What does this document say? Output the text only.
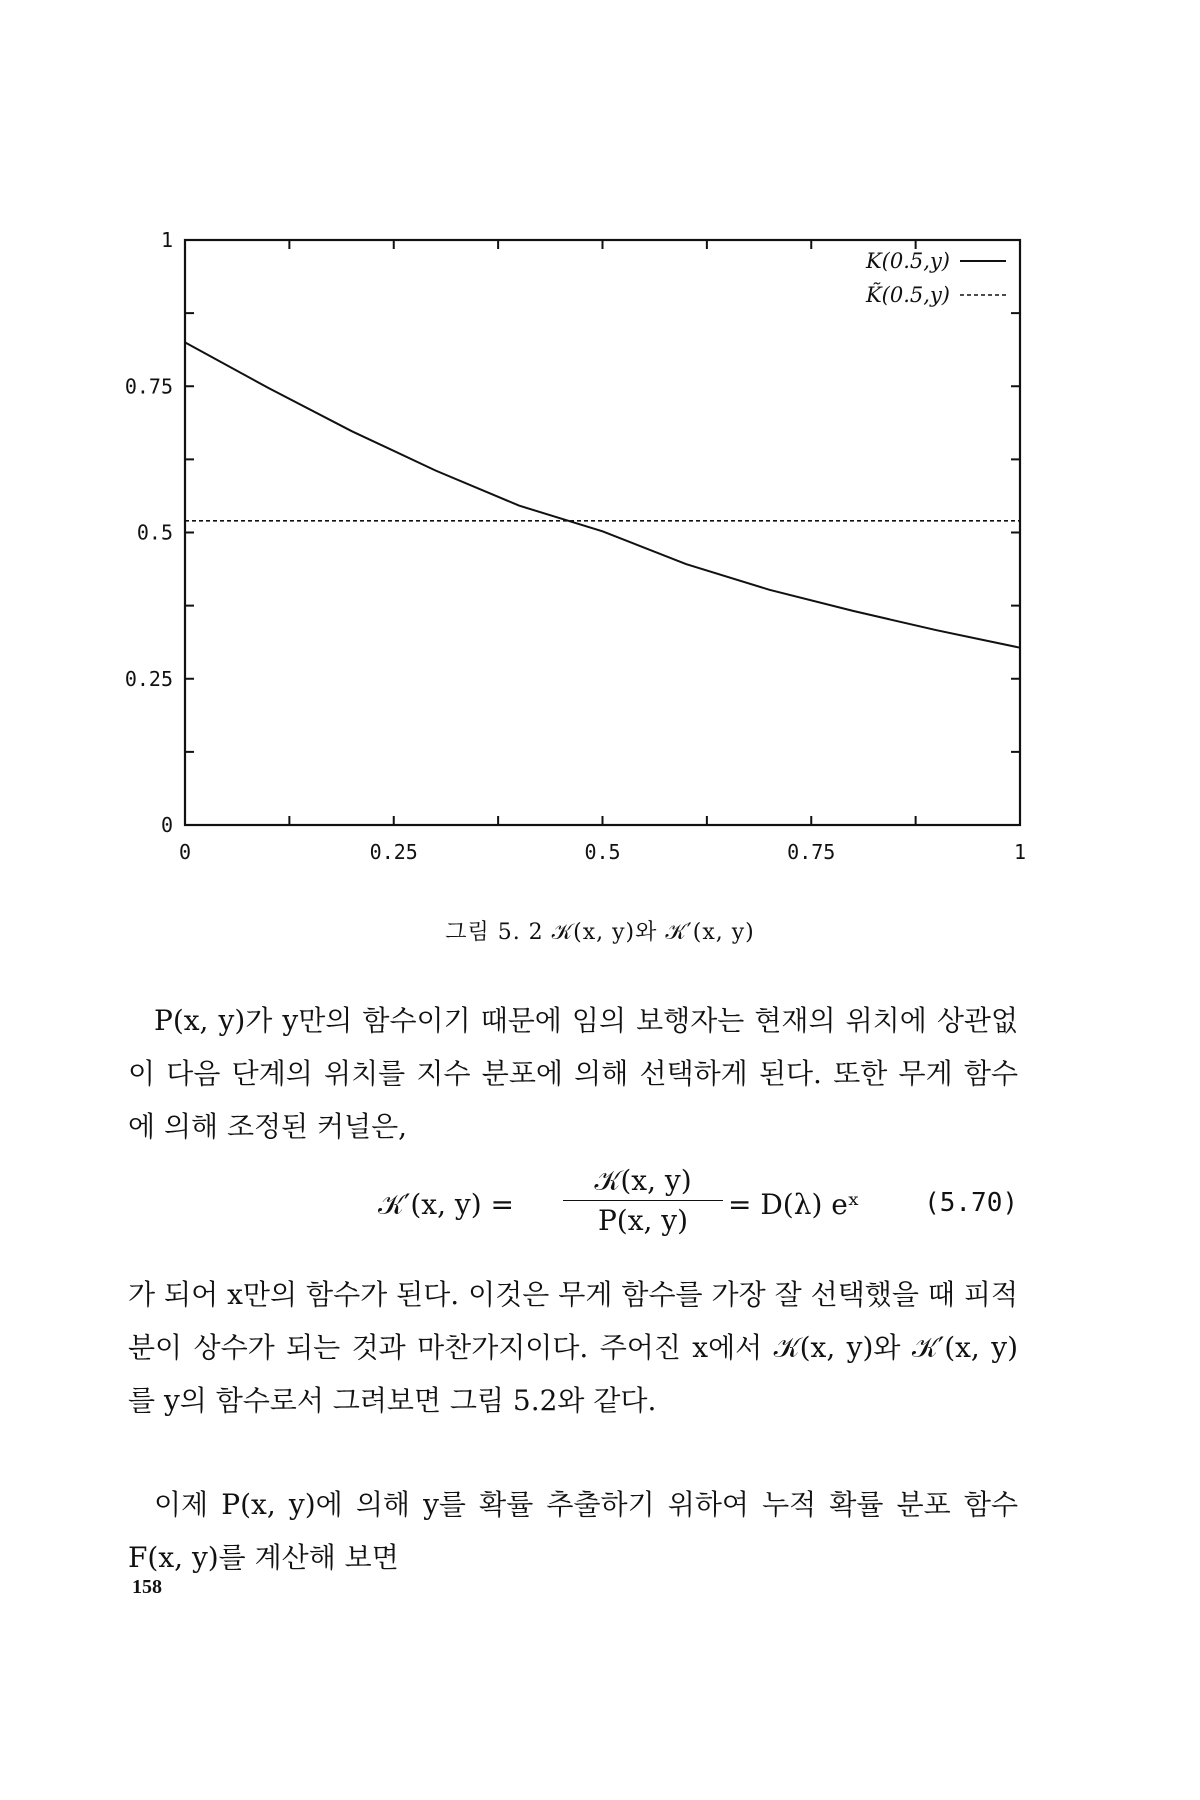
0	0.25	0.5	0.75	1
0
0.25
0.5
0.75
1
K(0.5,y)
K̃(0.5,y)
그림 5. 2 𝒦(x, y)와 𝒦′(x, y)
P(x, y)가 y만의 함수이기 때문에 임의 보행자는 현재의 위치에 상관없이 다음 단계의 위치를 지수 분포에 의해 선택하게 된다. 또한 무게 함수에 의해 조정된 커널은,
𝒦′(x, y) =
𝒦(x, y)
P(x, y)	= D(λ) eˣ (5.70)
가 되어 x만의 함수가 된다. 이것은 무게 함수를 가장 잘 선택했을 때 피적분이 상수가 되는 것과 마찬가지이다. 주어진 x에서 𝒦(x, y)와 𝒦′(x, y)를 y의 함수로서 그려보면 그림 5.2와 같다.
158
이제 P(x, y)에 의해 y를 확률 추출하기 위하여 누적 확률 분포 함수 F(x, y)를 계산해 보면
